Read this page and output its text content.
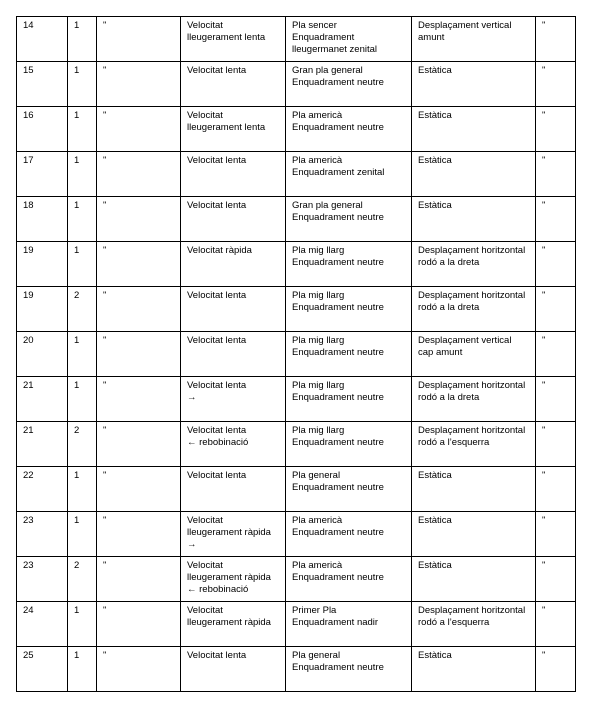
14	1	"	Velocitat
lleugerament lenta	Pla sencer
Enquadrament
lleugermanet zenital	Desplaçament vertical
amunt	"
15	1	"	Velocitat lenta	Gran pla general
Enquadrament neutre	Estàtica	"
16	1	"	Velocitat
lleugerament lenta	Pla americà
Enquadrament neutre	Estàtica	"
17	1	"	Velocitat lenta	Pla americà
Enquadrament zenital	Estàtica	"
18	1	"	Velocitat lenta	Gran pla general
Enquadrament neutre	Estàtica	"
19	1	"	Velocitat ràpida	Pla mig llarg
Enquadrament neutre	Desplaçament horitzontal
rodó a la dreta	"
19	2	"	Velocitat lenta	Pla mig llarg
Enquadrament neutre	Desplaçament horitzontal
rodó a la dreta	"
20	1	"	Velocitat lenta	Pla mig llarg
Enquadrament neutre	Desplaçament vertical
cap amunt	"
21	1	"	Velocitat lenta
→	Pla mig llarg
Enquadrament neutre	Desplaçament horitzontal
rodó a la dreta	"
21	2	"	Velocitat lenta
← rebobinació	Pla mig llarg
Enquadrament neutre	Desplaçament horitzontal
rodó a l’esquerra	"
22	1	"	Velocitat lenta	Pla general
Enquadrament neutre	Estàtica	"
23	1	"	Velocitat
lleugerament ràpida
→	Pla americà
Enquadrament neutre	Estàtica	"
23	2	"	Velocitat
lleugerament ràpida
← rebobinació	Pla americà
Enquadrament neutre	Estàtica	"
24	1	"	Velocitat
lleugerament ràpida	Primer Pla
Enquadrament nadir	Desplaçament horitzontal
rodó a l’esquerra	"
25	1	"	Velocitat lenta	Pla general
Enquadrament neutre	Estàtica	"
